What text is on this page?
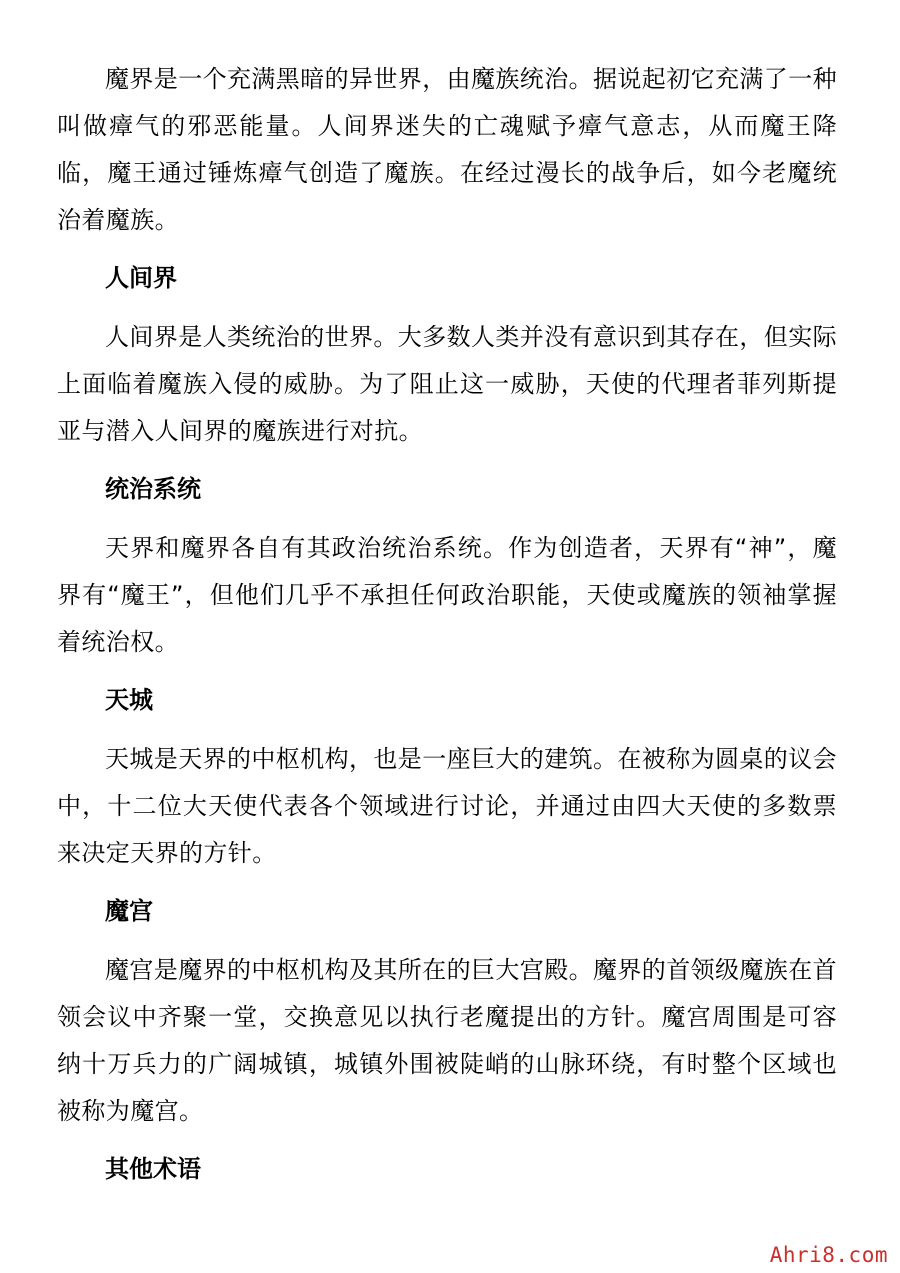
魔界是一个充满黑暗的异世界，由魔族统治。据说起初它充满了一种叫做瘴气的邪恶能量。人间界迷失的亡魂赋予瘴气意志，从而魔王降临，魔王通过锤炼瘴气创造了魔族。在经过漫长的战争后，如今老魔统治着魔族。

人间界

人间界是人类统治的世界。大多数人类并没有意识到其存在，但实际上面临着魔族入侵的威胁。为了阻止这一威胁，天使的代理者菲列斯提亚与潜入人间界的魔族进行对抗。

统治系统

天界和魔界各自有其政治统治系统。作为创造者，天界有“神”，魔界有“魔王”，但他们几乎不承担任何政治职能，天使或魔族的领袖掌握着统治权。

天城

天城是天界的中枢机构，也是一座巨大的建筑。在被称为圆桌的议会中，十二位大天使代表各个领域进行讨论，并通过由四大天使的多数票来决定天界的方针。

魔宫

魔宫是魔界的中枢机构及其所在的巨大宫殿。魔界的首领级魔族在首领会议中齐聚一堂，交换意见以执行老魔提出的方针。魔宫周围是可容纳十万兵力的广阔城镇，城镇外围被陡峭的山脉环绕，有时整个区域也被称为魔宫。

其他术语
Ahri8.com
